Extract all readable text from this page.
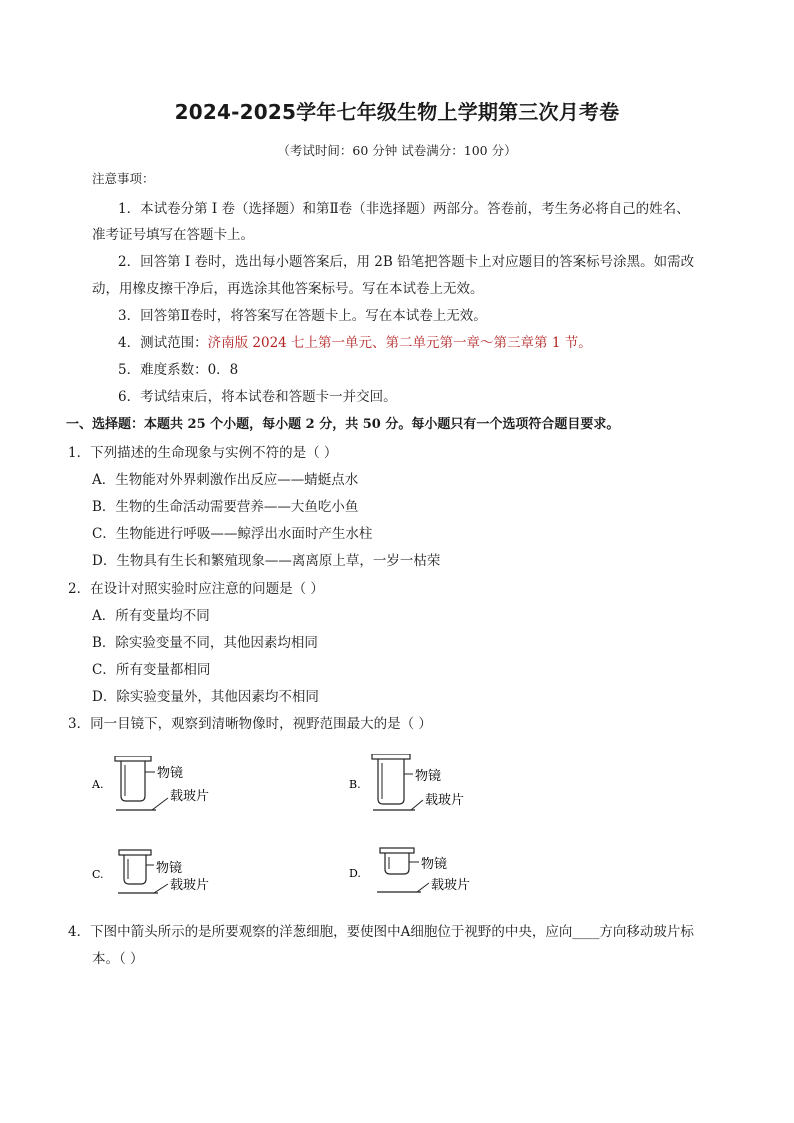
2024-2025学年七年级生物上学期第三次月考卷
（考试时间：60 分钟 试卷满分：100 分）
注意事项：
1．本试卷分第 I 卷（选择题）和第Ⅱ卷（非选择题）两部分。答卷前，考生务必将自己的姓名、
准考证号填写在答题卡上。
2．回答第 I 卷时，选出每小题答案后，用 2B 铅笔把答题卡上对应题目的答案标号涂黑。如需改
动，用橡皮擦干净后，再选涂其他答案标号。写在本试卷上无效。
3．回答第Ⅱ卷时，将答案写在答题卡上。写在本试卷上无效。
4．测试范围：济南版 2024 七上第一单元、第二单元第一章～第三章第 1 节。
5．难度系数：0．8
6．考试结束后，将本试卷和答题卡一并交回。
一、选择题：本题共 25 个小题，每小题 2 分，共 50 分。每小题只有一个选项符合题目要求。
1．下列描述的生命现象与实例不符的是（ ）
A．生物能对外界刺激作出反应——蜻蜓点水
B．生物的生命活动需要营养——大鱼吃小鱼
C．生物能进行呼吸——鲸浮出水面时产生水柱
D．生物具有生长和繁殖现象——离离原上草，一岁一枯荣
2．在设计对照实验时应注意的问题是（ ）
A．所有变量均不同
B．除实验变量不同，其他因素均相同
C．所有变量都相同
D．除实验变量外，其他因素均不相同
3．同一目镜下，观察到清晰物像时，视野范围最大的是（ ）
A.
物镜
载玻片
B.
物镜
载玻片
C.	物镜
载玻片
D.
物镜
载玻片
4．下图中箭头所示的是所要观察的洋葱细胞，要使图中A细胞位于视野的中央，应向____方向移动玻片标
本。（ ）
